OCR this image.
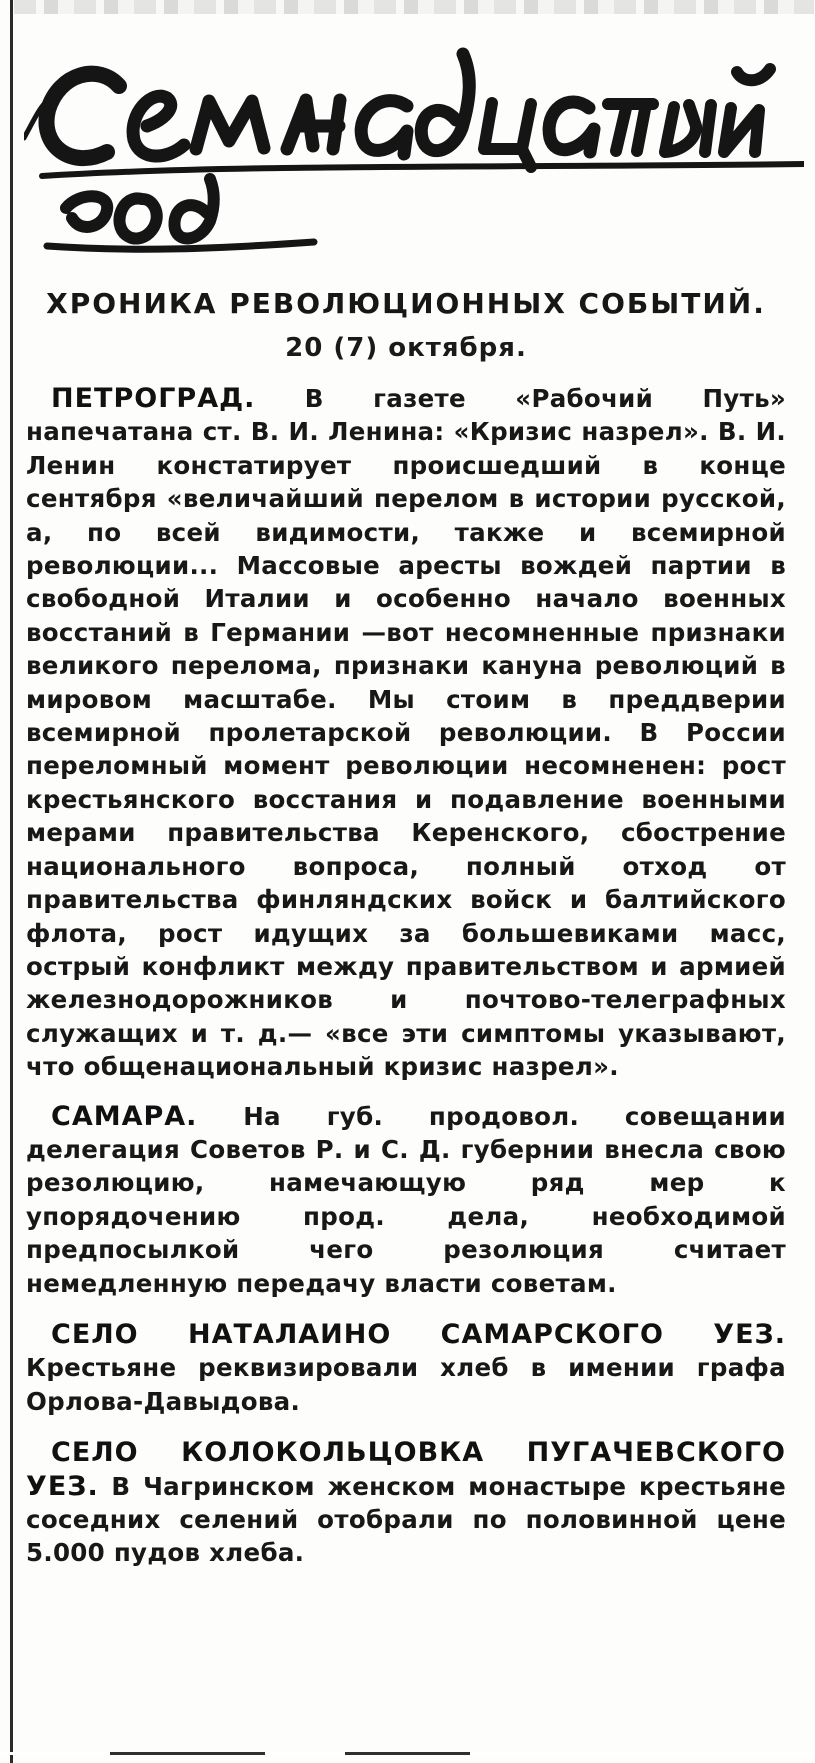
ХРОНИКА РЕВОЛЮЦИОННЫХ СОБЫТИЙ.
20 (7) октября.

ПЕТРОГРАД. В газете «Рабочий Путь» напечатана ст. В. И. Ленина: «Кризис назрел». В. И. Ленин констатирует происшедший в конце сентября «величайший перелом в истории русской, а, по всей видимости, также и всемирной революции... Массовые аресты вождей партии в свободной Италии и особенно начало военных восстаний в Германии —вот несомненные признаки великого перелома, признаки кануна революций в мировом масштабе. Мы стоим в преддверии всемирной пролетарской революции. В России переломный момент революции несомненен: рост крестьянского восстания и подавление военными мерами правительства Керенского, сбострение национального вопроса, полный отход от правительства финляндских войск и балтийского флота, рост идущих за большевиками масс, острый конфликт между правительством и армией железнодорожников и почтово-телеграфных служащих и т. д.— «все эти симптомы указывают, что общенациональный кризис назрел».

САМАРА. На губ. продовол. совещании делегация Советов Р. и С. Д. губернии внесла свою резолюцию, намечающую ряд мер к упорядочению прод. дела, необходимой предпосылкой чего резолюция считает немедленную передачу власти советам.

СЕЛО НАТАЛАИНО САМАРСКОГО УЕЗ. Крестьяне реквизировали хлеб в имении графа Орлова-Давыдова.

СЕЛО КОЛОКОЛЬЦОВКА ПУГАЧЕВСКОГО УЕЗ. В Чагринском женском монастыре крестьяне соседних селений отобрали по половинной цене 5.000 пудов хлеба.
